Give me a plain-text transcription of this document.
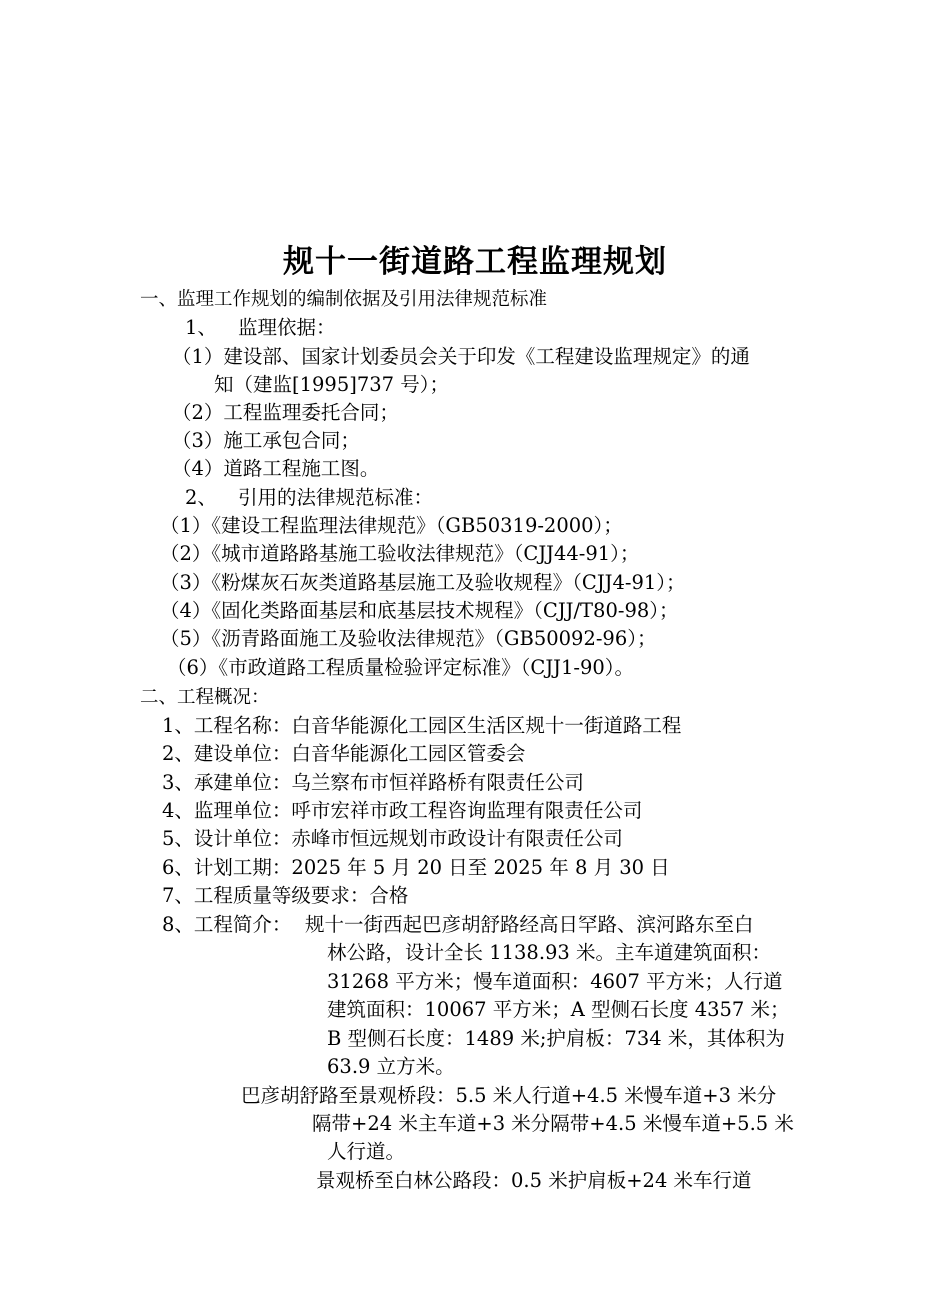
规十一街道路工程监理规划

一、监理工作规划的编制依据及引用法律规范标准

1、 监理依据：

（1）建设部、国家计划委员会关于印发《工程建设监理规定》的通

知（建监[1995]737 号）；

（2）工程监理委托合同；

（3）施工承包合同；

（4）道路工程施工图。

2、 引用的法律规范标准：

（1）《建设工程监理法律规范》（GB50319-2000）；

（2）《城市道路路基施工验收法律规范》（CJJ44-91）；

（3）《粉煤灰石灰类道路基层施工及验收规程》（CJJ4-91）；

（4）《固化类路面基层和底基层技术规程》（CJJ/T80-98）；

（5）《沥青路面施工及验收法律规范》（GB50092-96）；

（6）《市政道路工程质量检验评定标准》（CJJ1-90）。

二、工程概况：

1、工程名称：白音华能源化工园区生活区规十一街道路工程

2、建设单位：白音华能源化工园区管委会

3、承建单位：乌兰察布市恒祥路桥有限责任公司

4、监理单位：呼市宏祥市政工程咨询监理有限责任公司

5、设计单位：赤峰市恒远规划市政设计有限责任公司

6、计划工期：2025 年 5 月 20 日至 2025 年 8 月 30 日

7、工程质量等级要求：合格

8、工程简介： 规十一街西起巴彦胡舒路经高日罕路、滨河路东至白

林公路，设计全长 1138.93 米。主车道建筑面积：

31268 平方米；慢车道面积：4607 平方米；人行道

建筑面积：10067 平方米；A 型侧石长度 4357 米；

B 型侧石长度：1489 米;护肩板：734 米，其体积为

63.9 立方米。

巴彦胡舒路至景观桥段：5.5 米人行道+4.5 米慢车道+3 米分

隔带+24 米主车道+3 米分隔带+4.5 米慢车道+5.5 米

人行道。

景观桥至白林公路段：0.5 米护肩板+24 米车行道
